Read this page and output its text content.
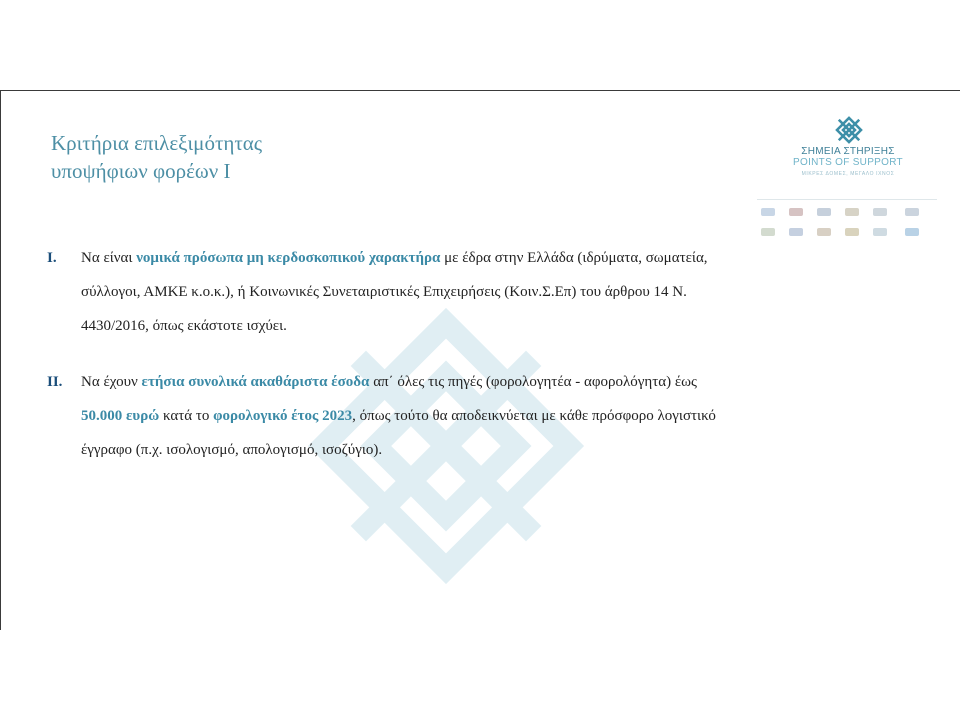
Κριτήρια επιλεξιμότητας
υποψήφιων φορέων Ι
ΣΗΜΕΙΑ ΣΤΗΡΙΞΗΣ
POINTS OF SUPPORT
ΜΙΚΡΕΣ ΔΟΜΕΣ, ΜΕΓΑΛΟ ΙΧΝΟΣ
I. Να είναι νομικά πρόσωπα μη κερδοσκοπικού χαρακτήρα με έδρα στην Ελλάδα (ιδρύματα, σωματεία, σύλλογοι, ΑΜΚΕ κ.ο.κ.), ή Κοινωνικές Συνεταιριστικές Επιχειρήσεις (Κοιν.Σ.Επ) του άρθρου 14 Ν. 4430/2016, όπως εκάστοτε ισχύει.
II. Να έχουν ετήσια συνολικά ακαθάριστα έσοδα απ΄ όλες τις πηγές (φορολογητέα - αφορολόγητα) έως 50.000 ευρώ κατά το φορολογικό έτος 2023, όπως τούτο θα αποδεικνύεται με κάθε πρόσφορο λογιστικό έγγραφο (π.χ. ισολογισμό, απολογισμό, ισοζύγιο).
